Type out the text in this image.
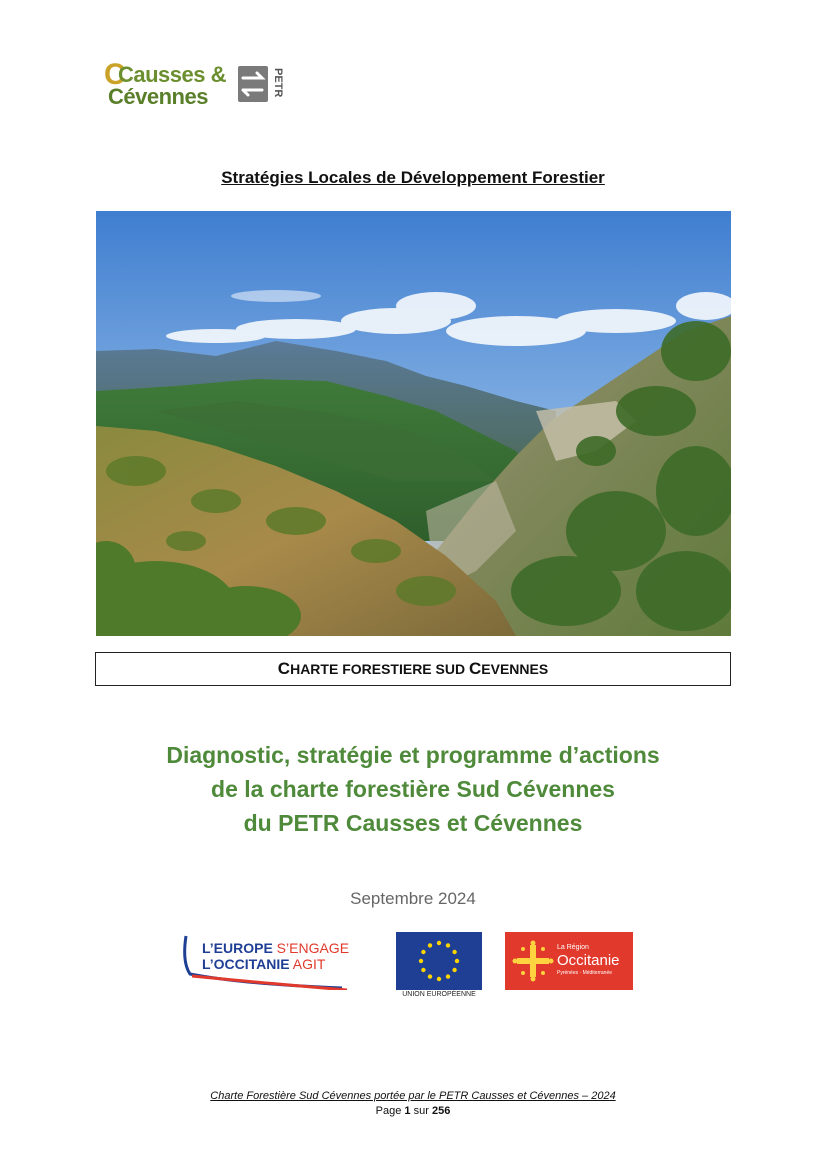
C
Causses &
Cévennes	PETR
Stratégies Locales de Développement Forestier
CHARTE FORESTIERE SUD CEVENNES
Diagnostic, stratégie et programme d’actions
de la charte forestière Sud Cévennes
du PETR Causses et Cévennes
Septembre 2024
L’EUROPE S’ENGAGE
L’OCCITANIE AGIT
UNION EUROPÉENNE
La Région
Occitanie
Pyrénées · Méditerranée
Charte Forestière Sud Cévennes portée par le PETR Causses et Cévennes – 2024
Page 1 sur 256
